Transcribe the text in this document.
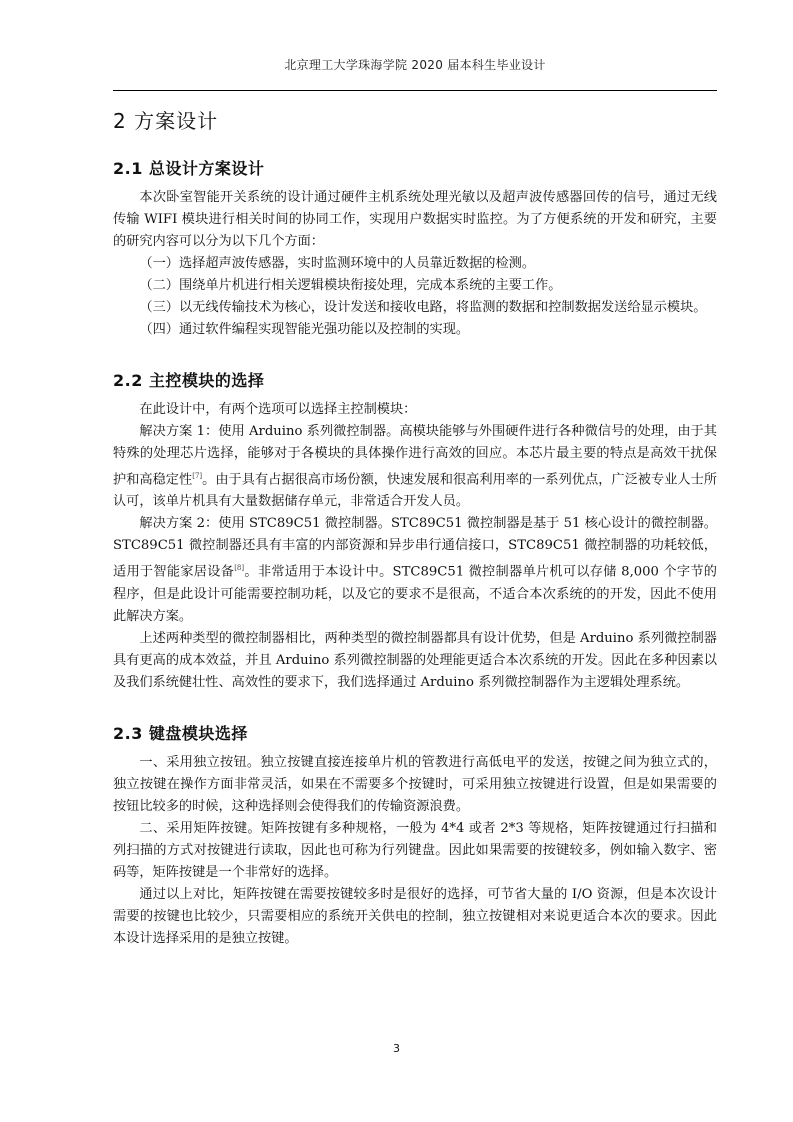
北京理工大学珠海学院 2020 届本科生毕业设计
2 方案设计
2.1 总设计方案设计

本次卧室智能开关系统的设计通过硬件主机系统处理光敏以及超声波传感器回传的信号，通过无线传输 WIFI 模块进行相关时间的协同工作，实现用户数据实时监控。为了方便系统的开发和研究，主要的研究内容可以分为以下几个方面：

（一）选择超声波传感器，实时监测环境中的人员靠近数据的检测。

（二）围绕单片机进行相关逻辑模块衔接处理，完成本系统的主要工作。

（三）以无线传输技术为核心，设计发送和接收电路，将监测的数据和控制数据发送给显示模块。

（四）通过软件编程实现智能光强功能以及控制的实现。

2.2 主控模块的选择

在此设计中，有两个选项可以选择主控制模块：

解决方案 1：使用 Arduino 系列微控制器。高模块能够与外围硬件进行各种微信号的处理，由于其特殊的处理芯片选择，能够对于各模块的具体操作进行高效的回应。本芯片最主要的特点是高效干扰保护和高稳定性[7]。由于具有占据很高市场份额，快速发展和很高利用率的一系列优点，广泛被专业人士所认可，该单片机具有大量数据储存单元，非常适合开发人员。

解决方案 2：使用 STC89C51 微控制器。STC89C51 微控制器是基于 51 核心设计的微控制器。STC89C51 微控制器还具有丰富的内部资源和异步串行通信接口，STC89C51 微控制器的功耗较低，适用于智能家居设备[8]。非常适用于本设计中。STC89C51 微控制器单片机可以存储 8,000 个字节的程序，但是此设计可能需要控制功耗，以及它的要求不是很高，不适合本次系统的的开发，因此不使用此解决方案。

上述两种类型的微控制器相比，两种类型的微控制器都具有设计优势，但是 Arduino 系列微控制器具有更高的成本效益，并且 Arduino 系列微控制器的处理能更适合本次系统的开发。因此在多种因素以及我们系统健壮性、高效性的要求下，我们选择通过 Arduino 系列微控制器作为主逻辑处理系统。

2.3 键盘模块选择

一、采用独立按钮。独立按键直接连接单片机的管教进行高低电平的发送，按键之间为独立式的，独立按键在操作方面非常灵活，如果在不需要多个按键时，可采用独立按键进行设置，但是如果需要的按钮比较多的时候，这种选择则会使得我们的传输资源浪费。

二、采用矩阵按键。矩阵按键有多种规格，一般为 4*4 或者 2*3 等规格，矩阵按键通过行扫描和列扫描的方式对按键进行读取，因此也可称为行列键盘。因此如果需要的按键较多，例如输入数字、密码等，矩阵按键是一个非常好的选择。

通过以上对比，矩阵按键在需要按键较多时是很好的选择，可节省大量的 I/O 资源，但是本次设计需要的按键也比较少，只需要相应的系统开关供电的控制，独立按键相对来说更适合本次的要求。因此本设计选择采用的是独立按键。

3
